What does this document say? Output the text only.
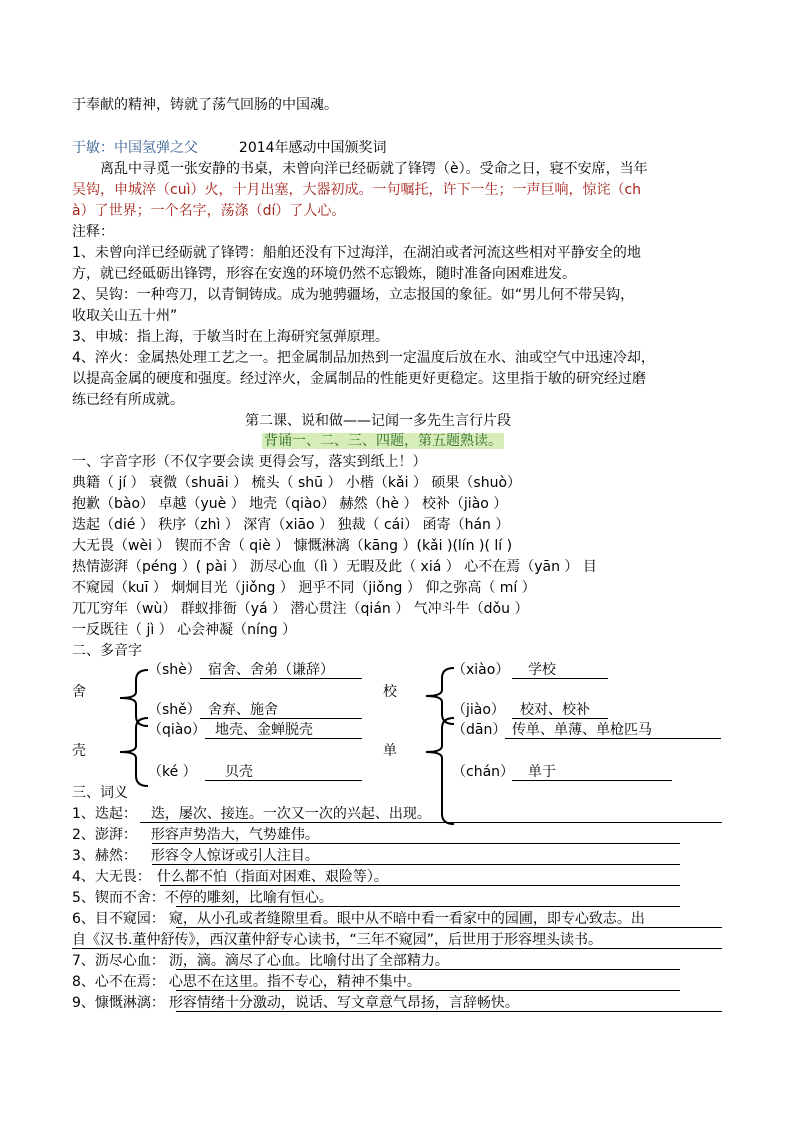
于奉献的精神，铸就了荡气回肠的中国魂。
于敏：中国氢弹之父	2014年感动中国颁奖词
离乱中寻觅一张安静的书桌，未曾向洋已经砺就了锋锷（è）。受命之日，寝不安席，当年
吴钩，申城淬（cuì）火，十月出塞，大器初成。一句嘱托，许下一生；一声巨响，惊诧（ch
à）了世界；一个名字，荡涤（dí）了人心。
注释：
1、未曾向洋已经砺就了锋锷：船舶还没有下过海洋，在湖泊或者河流这些相对平静安全的地
方，就已经砥砺出锋锷，形容在安逸的环境仍然不忘锻炼，随时准备向困难进发。
2、吴钩：一种弯刀，以青铜铸成。成为驰骋疆场，立志报国的象征。如“男儿何不带吴钩，
收取关山五十州”
3、申城：指上海，于敏当时在上海研究氢弹原理。
4、淬火：金属热处理工艺之一。把金属制品加热到一定温度后放在水、油或空气中迅速冷却，
以提高金属的硬度和强度。经过淬火，金属制品的性能更好更稳定。这里指于敏的研究经过磨
练已经有所成就。
第二课、说和做——记闻一多先生言行片段
背诵一、二、三、四题，第五题熟读。
一、字音字形（不仅字要会读 更得会写，落实到纸上！）
典籍（ jí ） 衰微（shuāi ） 梳头（ shū ） 小楷（kǎi ） 硕果（shuò）
抱歉（bào） 卓越（yuè ） 地壳（qiào） 赫然（hè ） 校补（jiào ）
迭起（dié ） 秩序（zhì ） 深宵（xiāo ） 独裁（ cái） 函寄（hán ）
大无畏（wèi ） 锲而不舍（ qiè ） 慷慨淋漓（kāng ）(kǎi )(lín )( lí )
热情澎湃（péng ）( pài ） 沥尽心血（lì ）无暇及此（ xiá ） 心不在焉（yān ） 目
不窥园（kuī ） 炯炯目光（jiǒng ） 迥乎不同（jiǒng ） 仰之弥高（ mí ）
兀兀穷年（wù） 群蚁排衙（yá ） 潜心贯注（qián ） 气冲斗牛（dǒu ）
一反既往（ jì ） 心会神凝（níng ）
二、多音字
舍
（shè） 宿舍、舍弟（谦辞）
（shě） 舍弃、施舍
校
（xiào） 学校
（jiào） 校对、校补
壳
（qiào） 地壳、金蝉脱壳
（ké ） 贝壳
单
（dān） 传单、单薄、单枪匹马
（chán） 单于
三、词义
1、迭起： 迭，屡次、接连。一次又一次的兴起、出现。
2、澎湃： 形容声势浩大，气势雄伟。
3、赫然： 形容令人惊讶或引人注目。
4、大无畏： 什么都不怕（指面对困难、艰险等）。
5、锲而不舍：不停的雕刻，比喻有恒心。
6、目不窥园： 窥，从小孔或者缝隙里看。眼中从不暗中看一看家中的园圃，即专心致志。出
自《汉书.董仲舒传》，西汉董仲舒专心读书，“三年不窥园”，后世用于形容埋头读书。
7、沥尽心血： 沥，滴。滴尽了心血。比喻付出了全部精力。
8、心不在焉： 心思不在这里。指不专心，精神不集中。
9、慷慨淋漓： 形容情绪十分激动，说话、写文章意气昂扬，言辞畅快。
